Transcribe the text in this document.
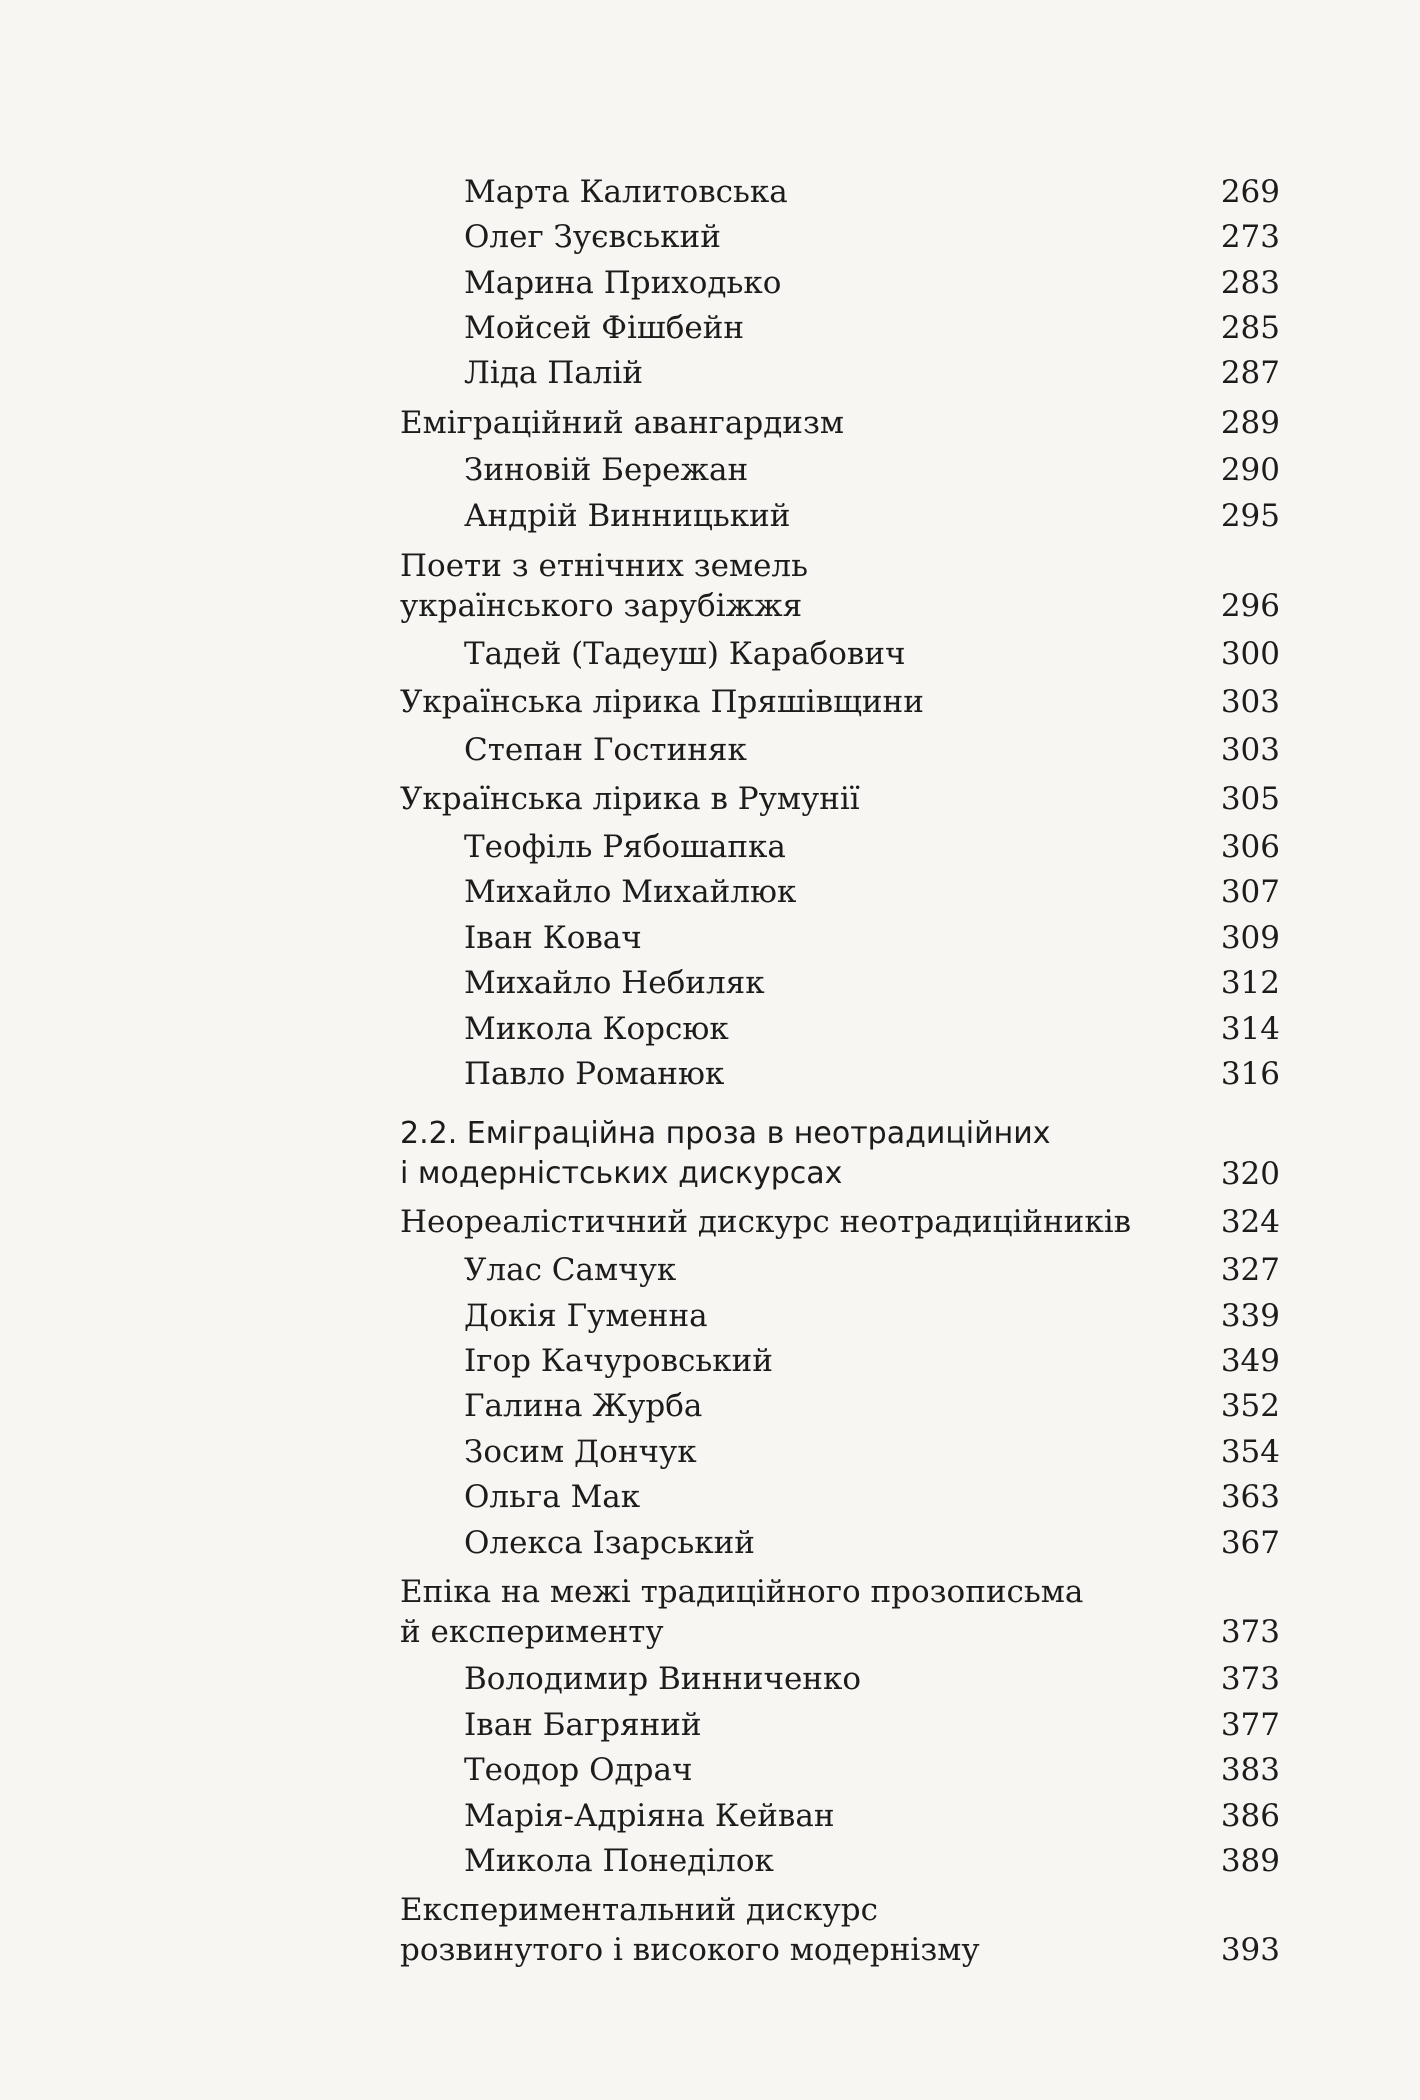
Марта Калитовська	269
Олег Зуєвський	273
Марина Приходько	283
Мойсей Фішбейн	285
Ліда Палій	287
Еміграційний авангардизм	289
Зиновій Бережан	290
Андрій Винницький	295
Поети з етнічних земель
українського зарубіжжя	296
Тадей (Тадеуш) Карабович	300
Українська лірика Пряшівщини	303
Степан Гостиняк	303
Українська лірика в Румунії	305
Теофіль Рябошапка	306
Михайло Михайлюк	307
Іван Ковач	309
Михайло Небиляк	312
Микола Корсюк	314
Павло Романюк	316
2.2. Еміграційна проза в неотрадиційних
і модерністських дискурсах	320
Неореалістичний дискурс неотрадиційників	324
Улас Самчук	327
Докія Гуменна	339
Ігор Качуровський	349
Галина Журба	352
Зосим Дончук	354
Ольга Мак	363
Олекса Ізарський	367
Епіка на межі традиційного прозописьма
й експерименту	373
Володимир Винниченко	373
Іван Багряний	377
Теодор Одрач	383
Марія-Адріяна Кейван	386
Микола Понеділок	389
Експериментальний дискурс
розвинутого і високого модернізму	393
